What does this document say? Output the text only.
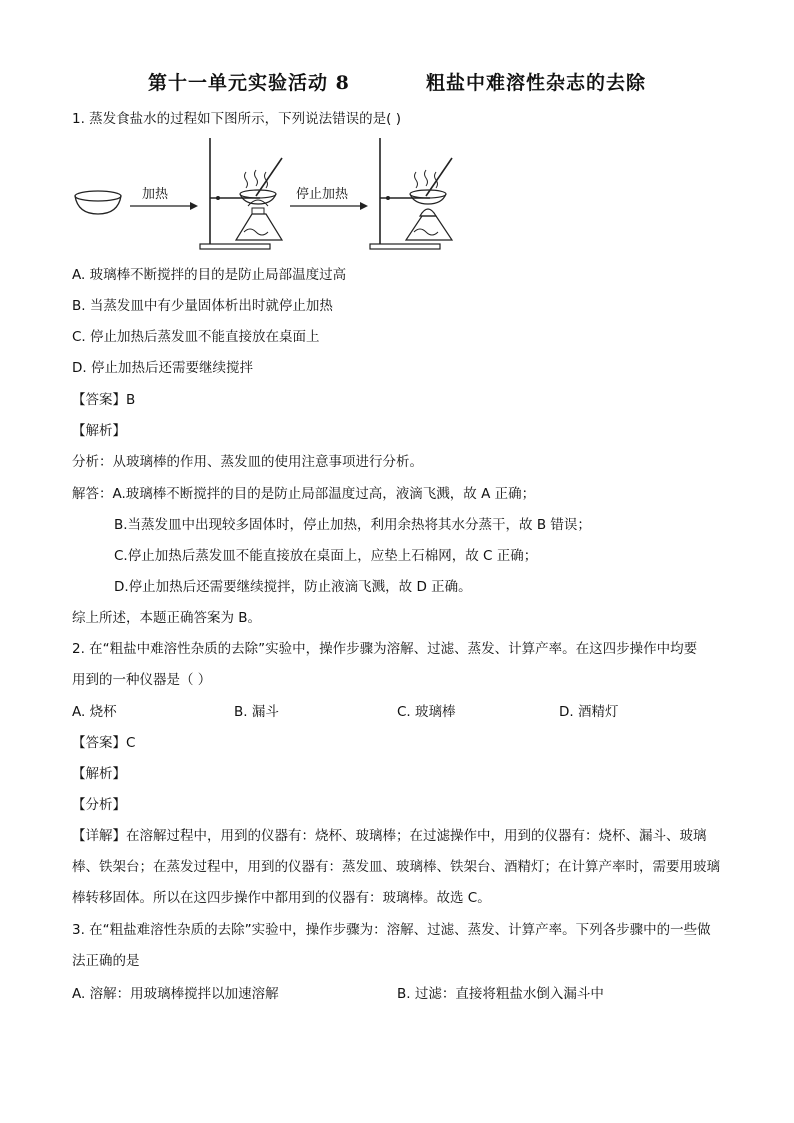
第十一单元实验活动 8          粗盐中难溶性杂志的去除
1. 蒸发食盐水的过程如下图所示，下列说法错误的是( )
加热	停止加热
A. 玻璃棒不断搅拌的目的是防止局部温度过高
B. 当蒸发皿中有少量固体析出时就停止加热
C. 停止加热后蒸发皿不能直接放在桌面上
D. 停止加热后还需要继续搅拌
【答案】B
【解析】
分析：从玻璃棒的作用、蒸发皿的使用注意事项进行分析。
解答：A.玻璃棒不断搅拌的目的是防止局部温度过高，液滴飞溅，故 A 正确；
B.当蒸发皿中出现较多固体时，停止加热，利用余热将其水分蒸干，故 B 错误；
C.停止加热后蒸发皿不能直接放在桌面上，应垫上石棉网，故 C 正确；
D.停止加热后还需要继续搅拌，防止液滴飞溅，故 D 正确。
综上所述，本题正确答案为 B。
2. 在“粗盐中难溶性杂质的去除”实验中，操作步骤为溶解、过滤、蒸发、计算产率。在这四步操作中均要
用到的一种仪器是（ ）
A. 烧杯	B. 漏斗	C. 玻璃棒	D. 酒精灯
【答案】C
【解析】
【分析】
【详解】在溶解过程中，用到的仪器有：烧杯、玻璃棒；在过滤操作中，用到的仪器有：烧杯、漏斗、玻璃棒、铁架台；在蒸发过程中，用到的仪器有：蒸发皿、玻璃棒、铁架台、酒精灯；在计算产率时，需要用玻璃棒转移固体。所以在这四步操作中都用到的仪器有：玻璃棒。故选 C。
3. 在“粗盐难溶性杂质的去除”实验中，操作步骤为：溶解、过滤、蒸发、计算产率。下列各步骤中的一些做法正确的是
A. 溶解：用玻璃棒搅拌以加速溶解	B. 过滤：直接将粗盐水倒入漏斗中
